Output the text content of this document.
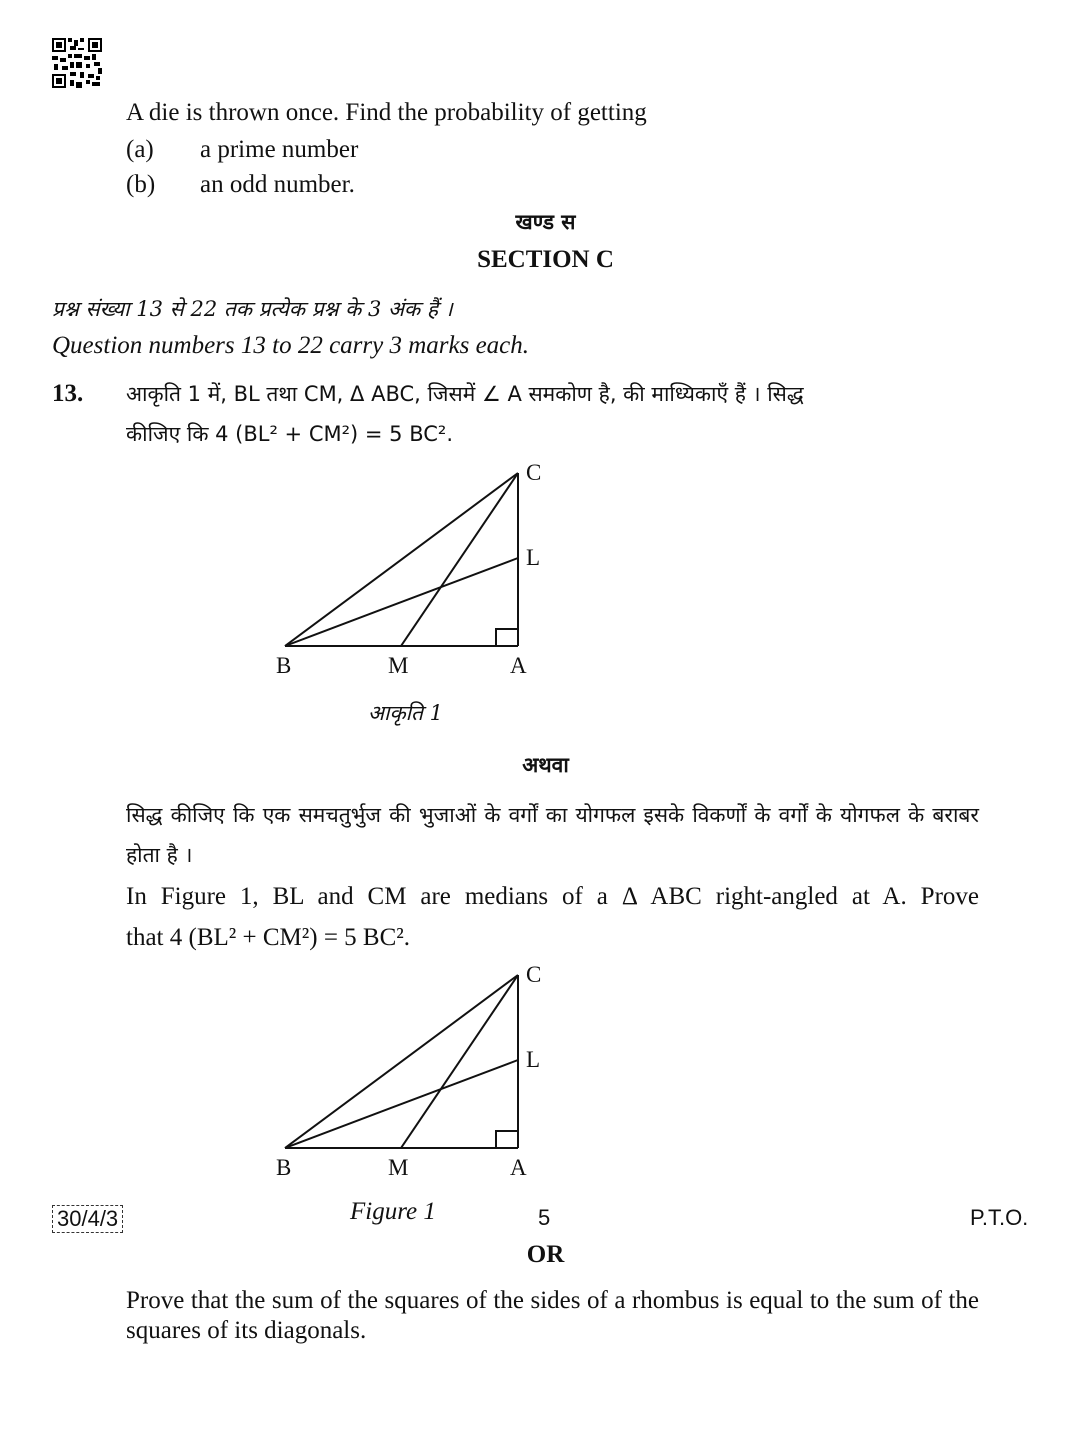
A die is thrown once. Find the probability of getting
(a) a prime number
(b) an odd number.
खण्ड स
SECTION C
प्रश्न संख्या 13 से 22 तक प्रत्येक प्रश्न के 3 अंक हैं ।
Question numbers 13 to 22 carry 3 marks each.
13. आकृति 1 में, BL तथा CM, Δ ABC, जिसमें ∠ A समकोण है, की माध्यिकाएँ हैं । सिद्ध
कीजिए कि 4 (BL² + CM²) = 5 BC².
B	M	A
L
C
आकृति 1
अथवा
सिद्ध कीजिए कि एक समचतुर्भुज की भुजाओं के वर्गों का योगफल इसके विकर्णों के वर्गों के योगफल के बराबर होता है ।
In Figure 1, BL and CM are medians of a Δ ABC right-angled at A. Prove
that 4 (BL² + CM²) = 5 BC².
B	M	A
L
C
Figure 1
OR
Prove that the sum of the squares of the sides of a rhombus is equal to the sum of the squares of its diagonals.
30/4/3	5	P.T.O.
